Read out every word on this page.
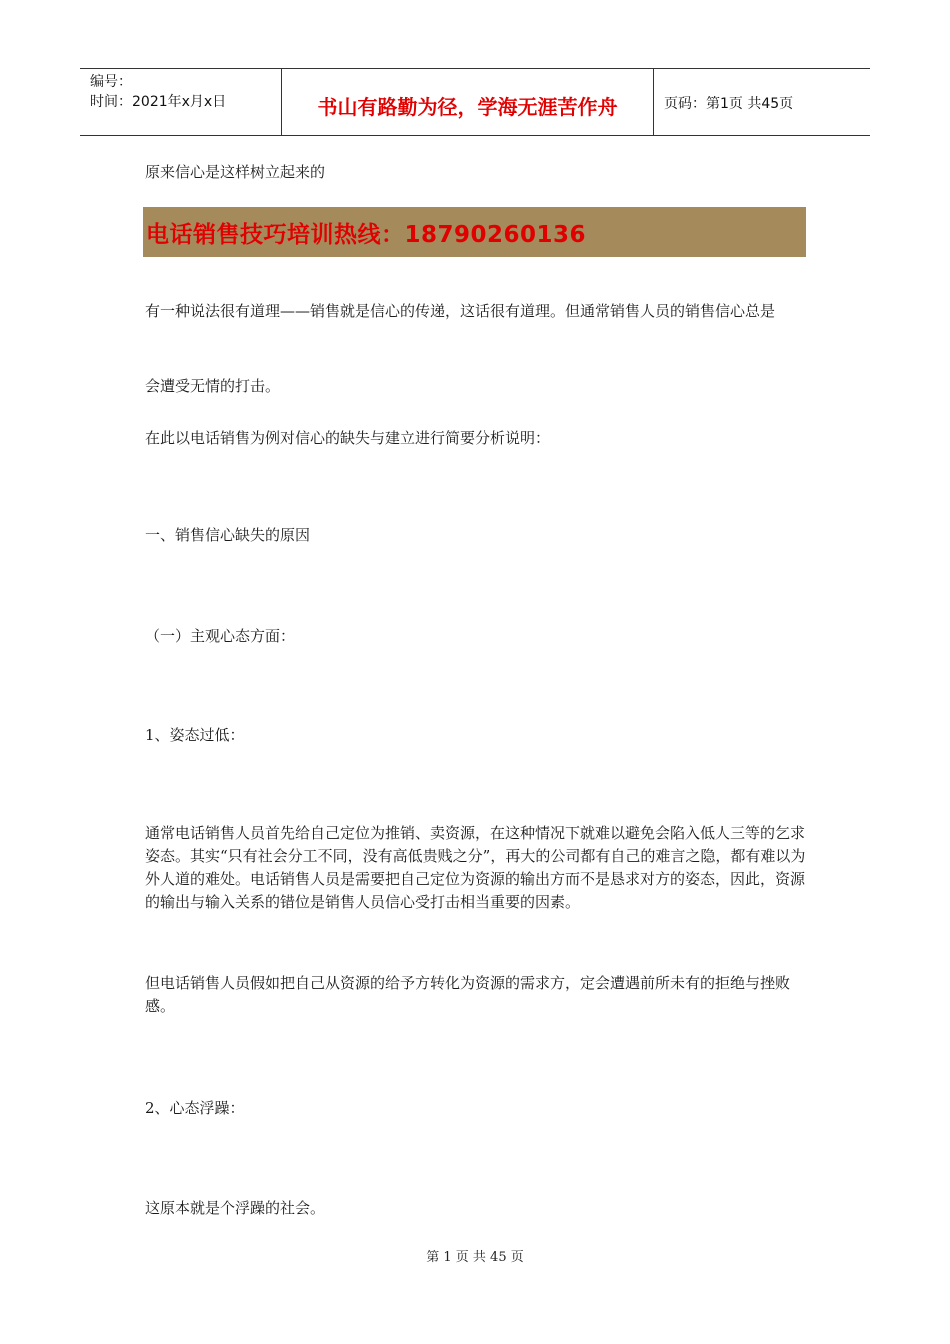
编号：
时间：2021年x月x日	书山有路勤为径，学海无涯苦作舟	页码：第1页 共45页

原来信心是这样树立起来的

电话销售技巧培训热线：18790260136

有一种说法很有道理——销售就是信心的传递，这话很有道理。但通常销售人员的销售信心总是

会遭受无情的打击。

在此以电话销售为例对信心的缺失与建立进行简要分析说明：

一、销售信心缺失的原因

（一）主观心态方面：

1、姿态过低：

通常电话销售人员首先给自己定位为推销、卖资源，在这种情况下就难以避免会陷入低人三等的乞求姿态。其实“只有社会分工不同，没有高低贵贱之分”，再大的公司都有自己的难言之隐，都有难以为外人道的难处。电话销售人员是需要把自己定位为资源的输出方而不是恳求对方的姿态，因此，资源的输出与输入关系的错位是销售人员信心受打击相当重要的因素。

但电话销售人员假如把自己从资源的给予方转化为资源的需求方，定会遭遇前所未有的拒绝与挫败感。

2、心态浮躁：

这原本就是个浮躁的社会。

第 1 页 共 45 页
